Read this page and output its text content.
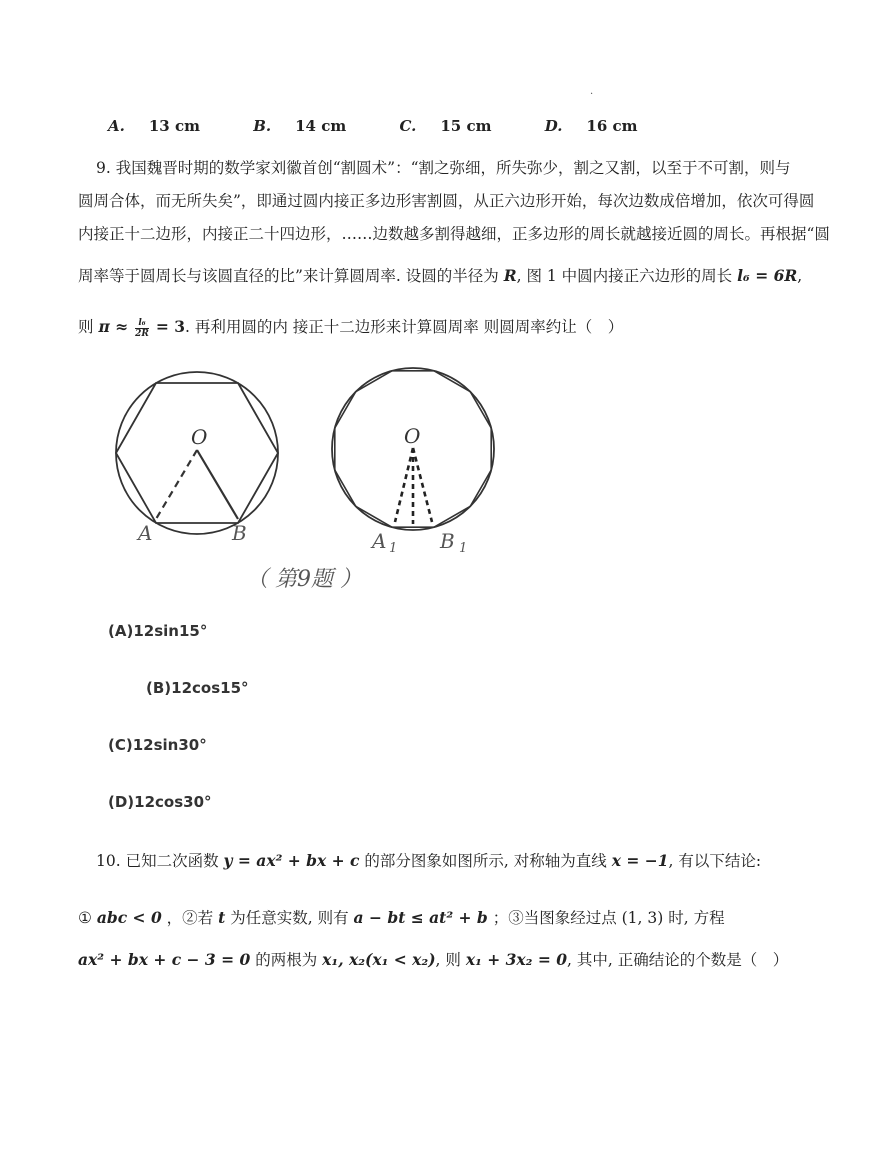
.
A. 13 cm	B. 14 cm	C. 15 cm	D. 16 cm
9. 我国魏晋时期的数学家刘徽首创“割圆术”：“割之弥细，所失弥少，割之又割，以至于不可割，则与
圆周合体，而无所失矣”，即通过圆内接正多边形害割圆，从正六边形开始，每次边数成倍增加，依次可得圆
内接正十二边形，内接正二十四边形，……边数越多割得越细，正多边形的周长就越接近圆的周长。再根据“圆
周率等于圆周长与该圆直径的比”来计算圆周率. 设圆的半径为 R, 图 1 中圆内接正六边形的周长 l₆ = 6R,
则 $\pi \approx \frac{\text{l₆}}{2R} = 3$. 再利用圆的内 接正十二边形来计算圆周率 则圆周率约让（　）
O
A	B
O
A 1 B 1
（ 第9题 ）
(A)12sin15°
(B)12cos15°
(C)12sin30°
(D)12cos30°
10. 已知二次函数 y = ax² + bx + c 的部分图象如图所示, 对称轴为直线 x = −1, 有以下结论:
① abc < 0 ，②若 t 为任意实数, 则有 a − bt ≤ at² + b ；③当图象经过点 (1, 3) 时, 方程
ax² + bx + c − 3 = 0 的两根为 x₁, x₂(x₁ < x₂), 则 x₁ + 3x₂ = 0, 其中, 正确结论的个数是（　）
